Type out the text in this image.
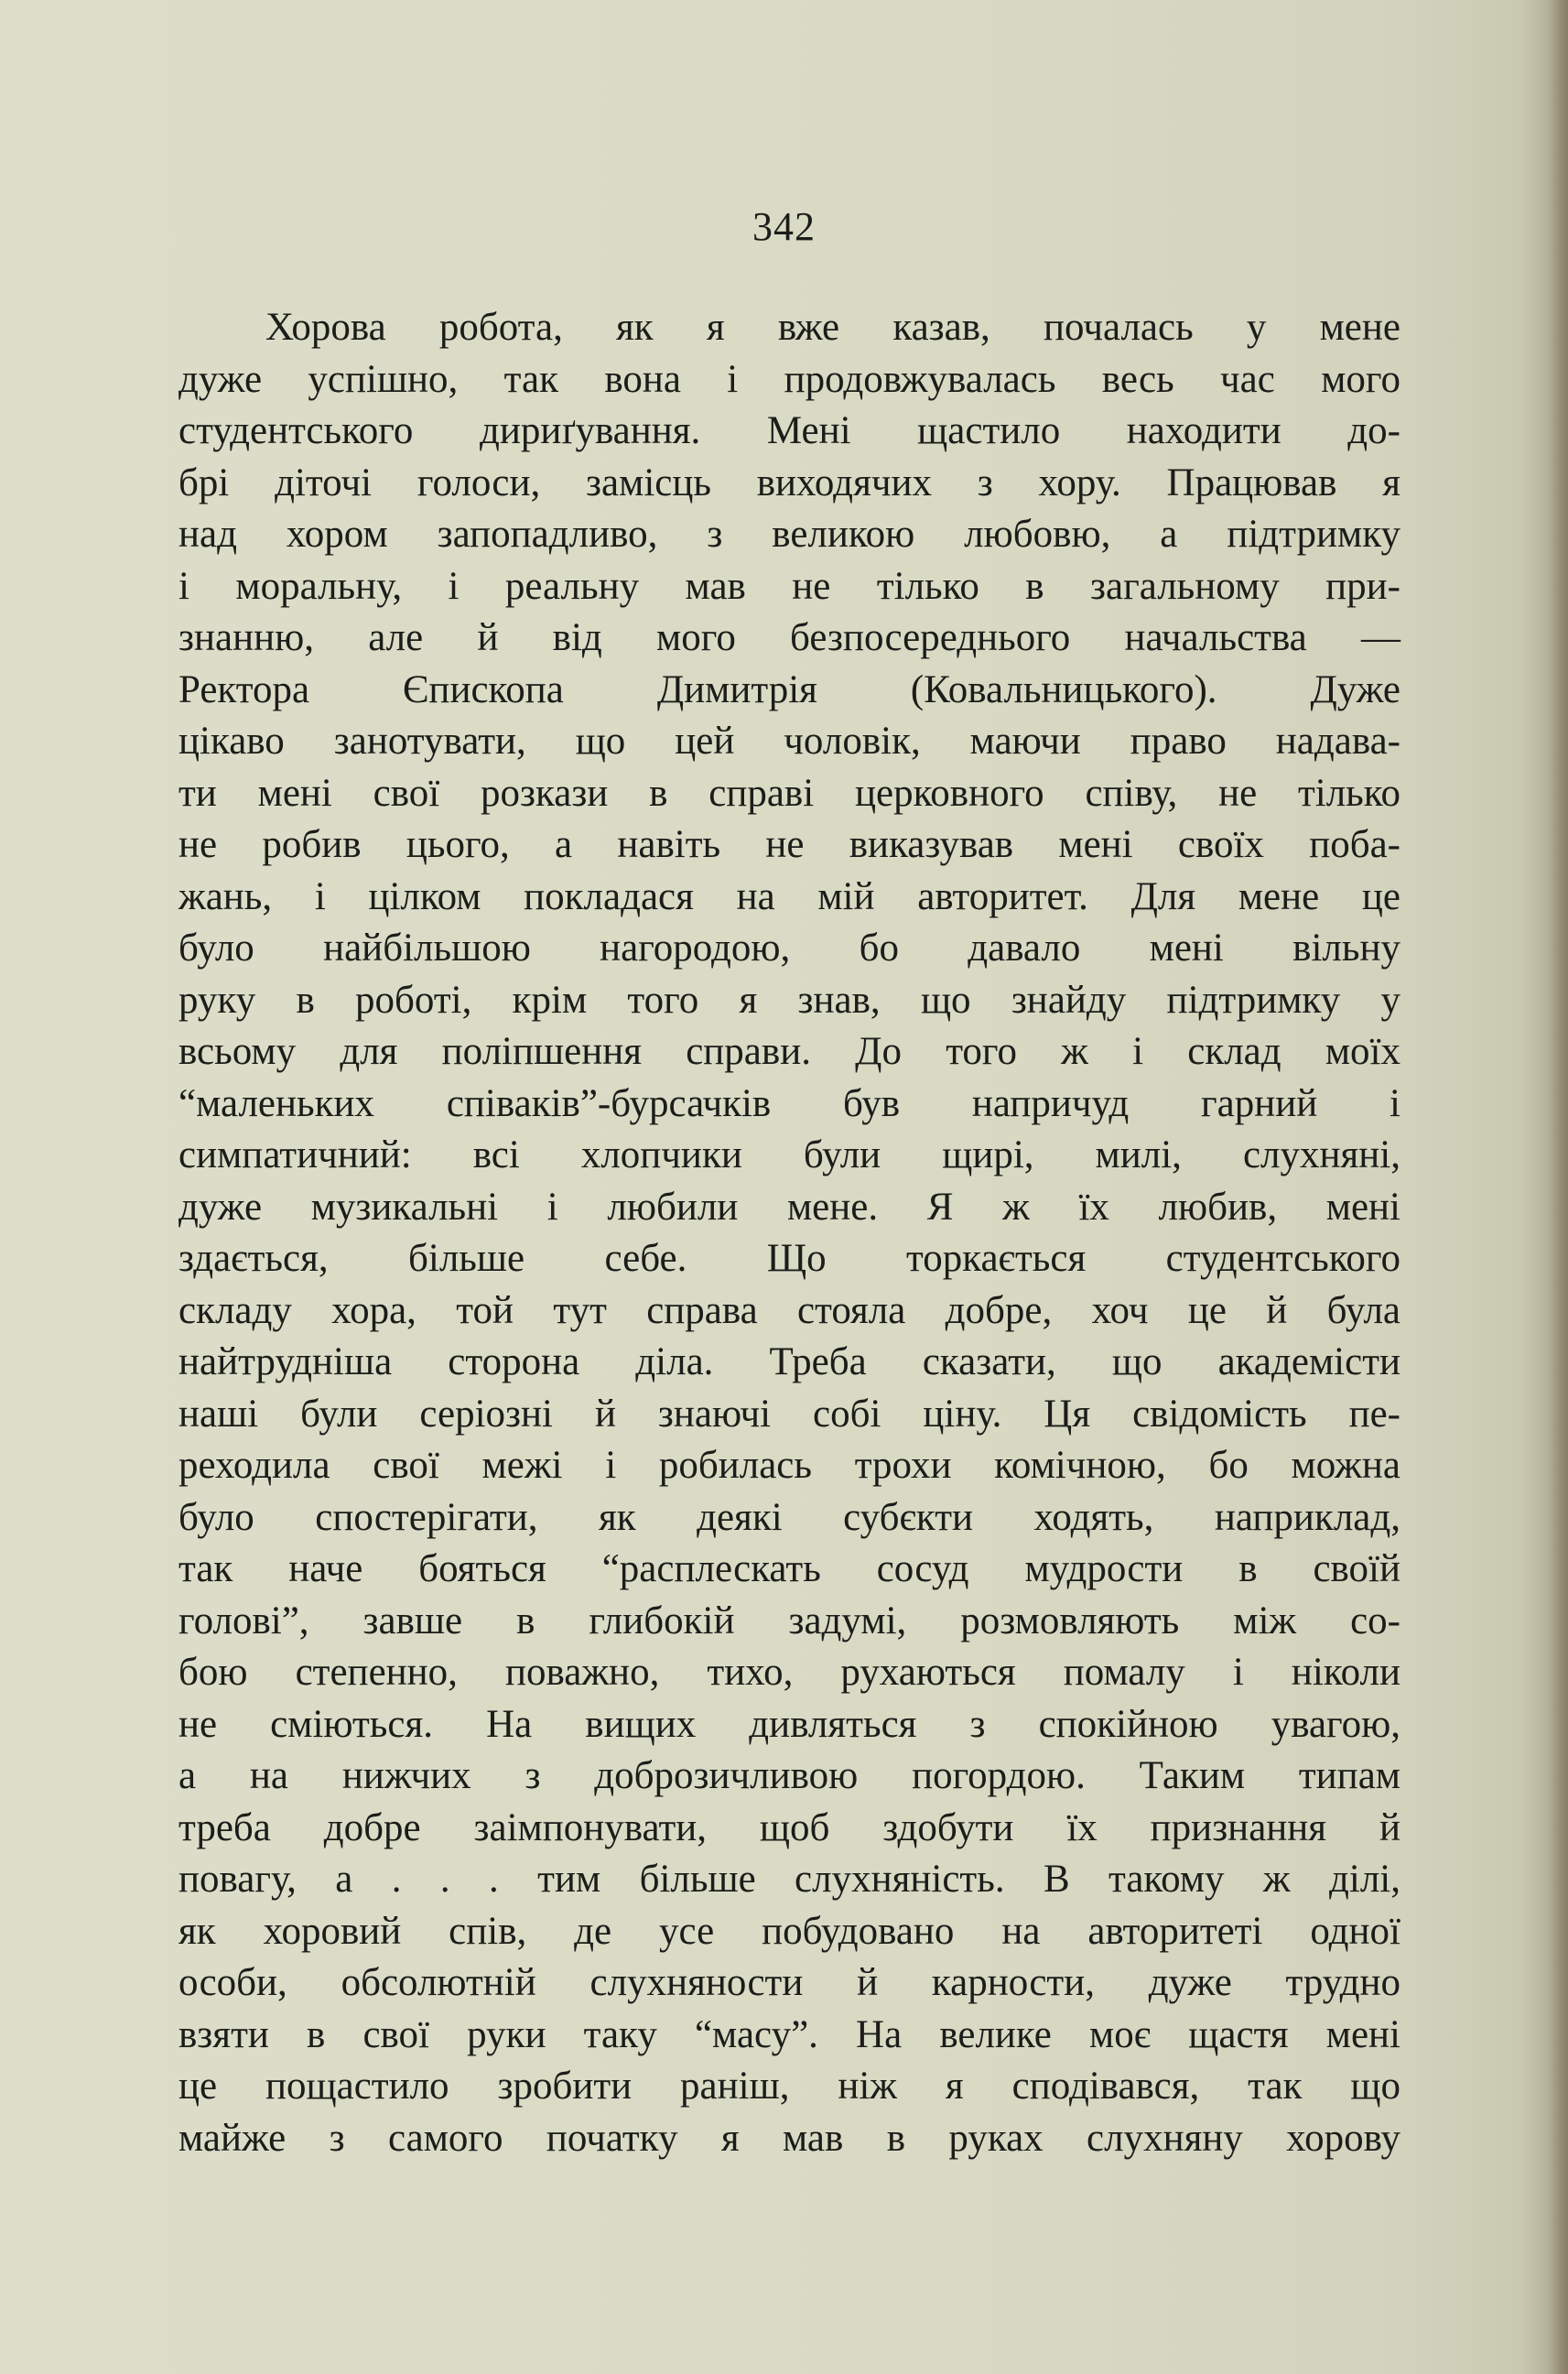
342
Хорова робота, як я вже казав, почалась у мене
дуже успішно, так вона і продовжувалась весь час мого
студентського дириґування. Мені щастило находити до-
брі діточі голоси, замісць виходячих з хору. Працював я
над хором запопадливо, з великою любовю, а підтримку
і моральну, і реальну мав не тілько в загальному при-
знанню, але й від мого безпосереднього начальства —
Ректора Єпископа Димитрія (Ковальницького). Дуже
цікаво занотувати, що цей чоловік, маючи право надава-
ти мені свої розкази в справі церковного співу, не тілько
не робив цього, а навіть не виказував мені своїх поба-
жань, і цілком покладася на мій авторитет. Для мене це
було найбільшою нагородою, бо давало мені вільну
руку в роботі, крім того я знав, що знайду підтримку у
всьому для поліпшення справи. До того ж і склад моїх
“маленьких співаків”-бурсачків був напричуд гарний і
симпатичний: всі хлопчики були щирі, милі, слухняні,
дуже музикальні і любили мене. Я ж їх любив, мені
здається, більше себе. Що торкається студентського
складу хора, той тут справа стояла добре, хоч це й була
найтруднішa сторона діла. Треба сказати, що академісти
наші були серіозні й знаючі собі ціну. Ця свідомість пе-
реходила свої межі і робилась трохи комічною, бо можна
було спостерігати, як деякі субєкти ходять, наприклад,
так наче бояться “расплескать сосуд мудрости в своїй
голові”, завше в глибокій задумі, розмовляють між со-
бою степенно, поважно, тихо, рухаються помалу і ніколи
не сміються. На вищих дивляться з спокійною увагою,
а на нижчих з доброзичливою погордою. Таким типам
треба добре заімпонувати, щоб здобути їх признання й
повагу, а . . . тим більше слухняність. В такому ж ділі,
як хоровий спів, де усе побудовано на авторитеті одної
особи, обсолютній слухняности й карности, дуже трудно
взяти в свої руки таку “масу”. На велике моє щастя мені
це пощастило зробити раніш, ніж я сподівався, так що
майже з самого початку я мав в руках слухняну хорову
